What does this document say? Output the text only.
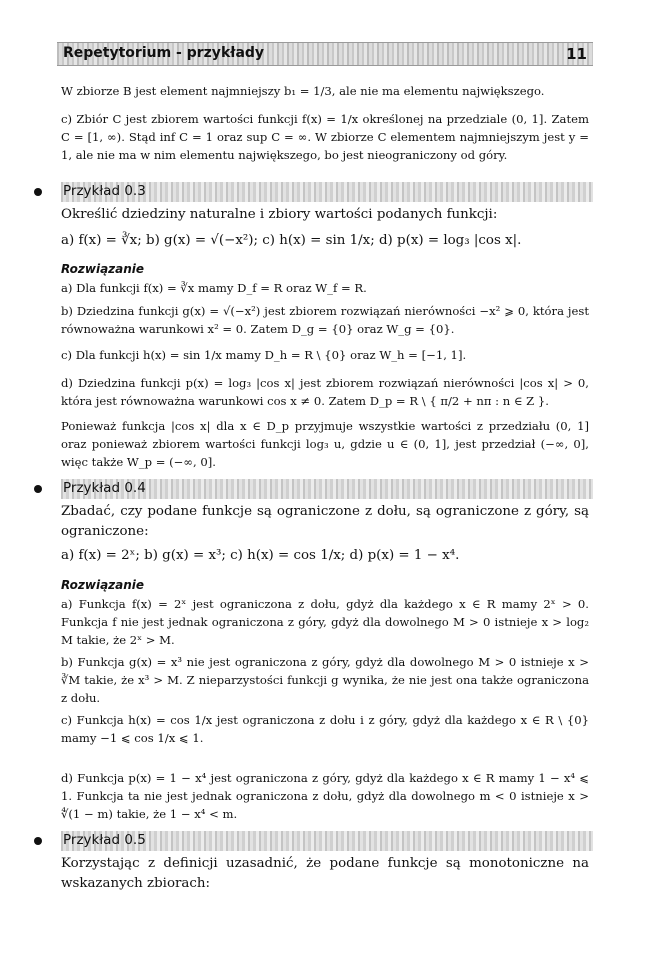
Repetytorium - przykłady	11

W zbiorze B jest element najmniejszy b₁ = 1/3, ale nie ma elementu największego.

c) Zbiór C jest zbiorem wartości funkcji f(x) = 1/x określonej na przedziale (0, 1]. Zatem C = [1, ∞). Stąd inf C = 1 oraz sup C = ∞. W zbiorze C elementem najmniejszym jest y = 1, ale nie ma w nim elementu największego, bo jest nieograniczony od góry.

Przykład 0.3

Określić dziedziny naturalne i zbiory wartości podanych funkcji:

a) f(x) = ∛x; b) g(x) = √(−x²); c) h(x) = sin 1/x; d) p(x) = log₃ |cos x|.
Rozwiązanie

a) Dla funkcji f(x) = ∛x mamy D_f = R oraz W_f = R.

b) Dziedzina funkcji g(x) = √(−x²) jest zbiorem rozwiązań nierówności −x² ⩾ 0, która jest równoważna warunkowi x² = 0. Zatem D_g = {0} oraz W_g = {0}.

c) Dla funkcji h(x) = sin 1/x mamy D_h = R \ {0} oraz W_h = [−1, 1].

d) Dziedzina funkcji p(x) = log₃ |cos x| jest zbiorem rozwiązań nierówności |cos x| > 0, która jest równoważna warunkowi cos x ≠ 0. Zatem D_p = R \ { π/2 + nπ : n ∈ Z }.

Ponieważ funkcja |cos x| dla x ∈ D_p przyjmuje wszystkie wartości z przedziału (0, 1] oraz ponieważ zbiorem wartości funkcji log₃ u, gdzie u ∈ (0, 1], jest przedział (−∞, 0], więc także W_p = (−∞, 0].

Przykład 0.4

Zbadać, czy podane funkcje są ograniczone z dołu, są ograniczone z góry, są ograniczone:

a) f(x) = 2ˣ; b) g(x) = x³; c) h(x) = cos 1/x; d) p(x) = 1 − x⁴.
Rozwiązanie

a) Funkcja f(x) = 2ˣ jest ograniczona z dołu, gdyż dla każdego x ∈ R mamy 2ˣ > 0. Funkcja f nie jest jednak ograniczona z góry, gdyż dla dowolnego M > 0 istnieje x > log₂ M takie, że 2ˣ > M.

b) Funkcja g(x) = x³ nie jest ograniczona z góry, gdyż dla dowolnego M > 0 istnieje x > ∛M takie, że x³ > M. Z nieparzystości funkcji g wynika, że nie jest ona także ograniczona z dołu.

c) Funkcja h(x) = cos 1/x jest ograniczona z dołu i z góry, gdyż dla każdego x ∈ R \ {0} mamy −1 ⩽ cos 1/x ⩽ 1.

d) Funkcja p(x) = 1 − x⁴ jest ograniczona z góry, gdyż dla każdego x ∈ R mamy 1 − x⁴ ⩽ 1. Funkcja ta nie jest jednak ograniczona z dołu, gdyż dla dowolnego m < 0 istnieje x > ∜(1 − m) takie, że 1 − x⁴ < m.

Przykład 0.5

Korzystając z definicji uzasadnić, że podane funkcje są monotoniczne na wskazanych zbiorach:
